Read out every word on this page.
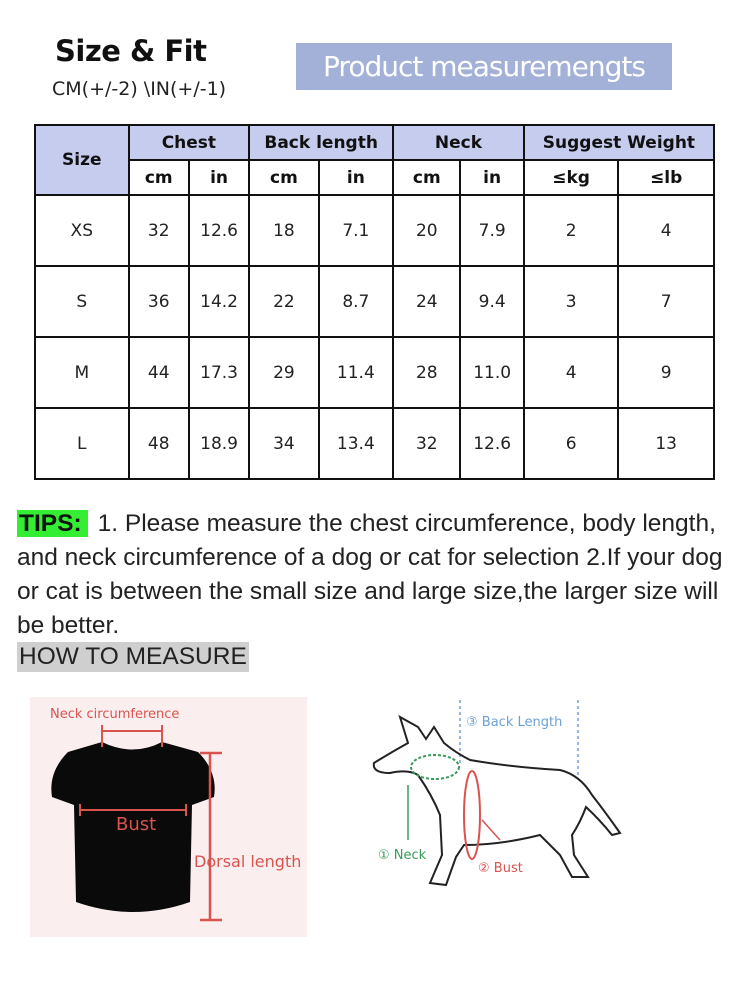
Size & Fit
CM(+/-2) \IN(+/-1)
Product measuremengts
Size	Chest		Back length		Neck		Suggest Weight	
	cm	in	cm	in	cm	in	≤kg	≤lb
XS	32	12.6	18	7.1	20	7.9	2	4
S	36	14.2	22	8.7	24	9.4	3	7
M	44	17.3	29	11.4	28	11.0	4	9
L	48	18.9	34	13.4	32	12.6	6	13
TIPS: 1. Please measure the chest circumference, body length, and neck circumference of a dog or cat for selection 2.If your dog or cat is between the small size and large size,the larger size will be better.
HOW TO MEASURE
Neck circumference
Bust
Dorsal length
③ Back Length
① Neck
② Bust
